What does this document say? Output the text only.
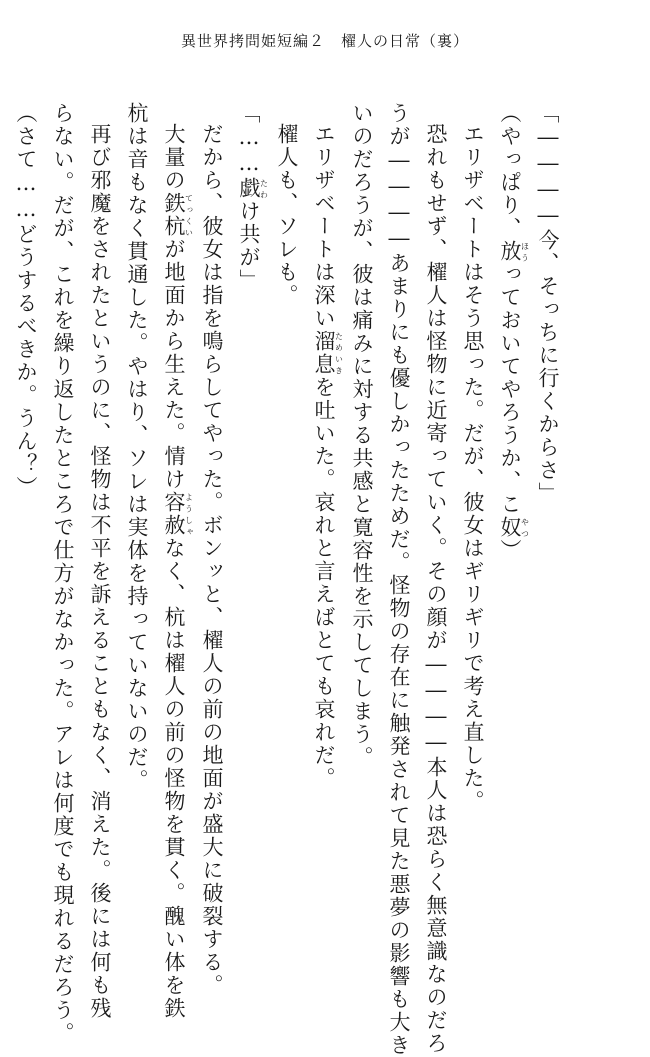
異世界拷問姫短編２　櫂人の日常（裏）
「――――今、そっちに行くからさ」
（やっぱり、放ほうっておいてやろうか、こ奴やつ）
エリザベートはそう思った。だが、彼女はギリギリで考え直した。
恐れもせず、櫂人は怪物に近寄っていく。その顔が――――本人は恐らく無意識なのだろ
うが――――あまりにも優しかったためだ。怪物の存在に触発されて見た悪夢の影響も大き
いのだろうが、彼は痛みに対する共感と寛容性を示してしまう。
エリザベートは深い溜息ためいきを吐いた。哀れと言えばとても哀れだ。
櫂人も、ソレも。
「……戯たわけ共が」
だから、彼女は指を鳴らしてやった。ボンッと、櫂人の前の地面が盛大に破裂する。
大量の鉄杭てっくいが地面から生えた。情け容赦ようしゃなく、杭は櫂人の前の怪物を貫く。醜い体を鉄
杭は音もなく貫通した。やはり、ソレは実体を持っていないのだ。
再び邪魔をされたというのに、怪物は不平を訴えることもなく、消えた。後には何も残
らない。だが、これを繰り返したところで仕方がなかった。アレは何度でも現れるだろう。
（さて……どうするべきか。うん？）
